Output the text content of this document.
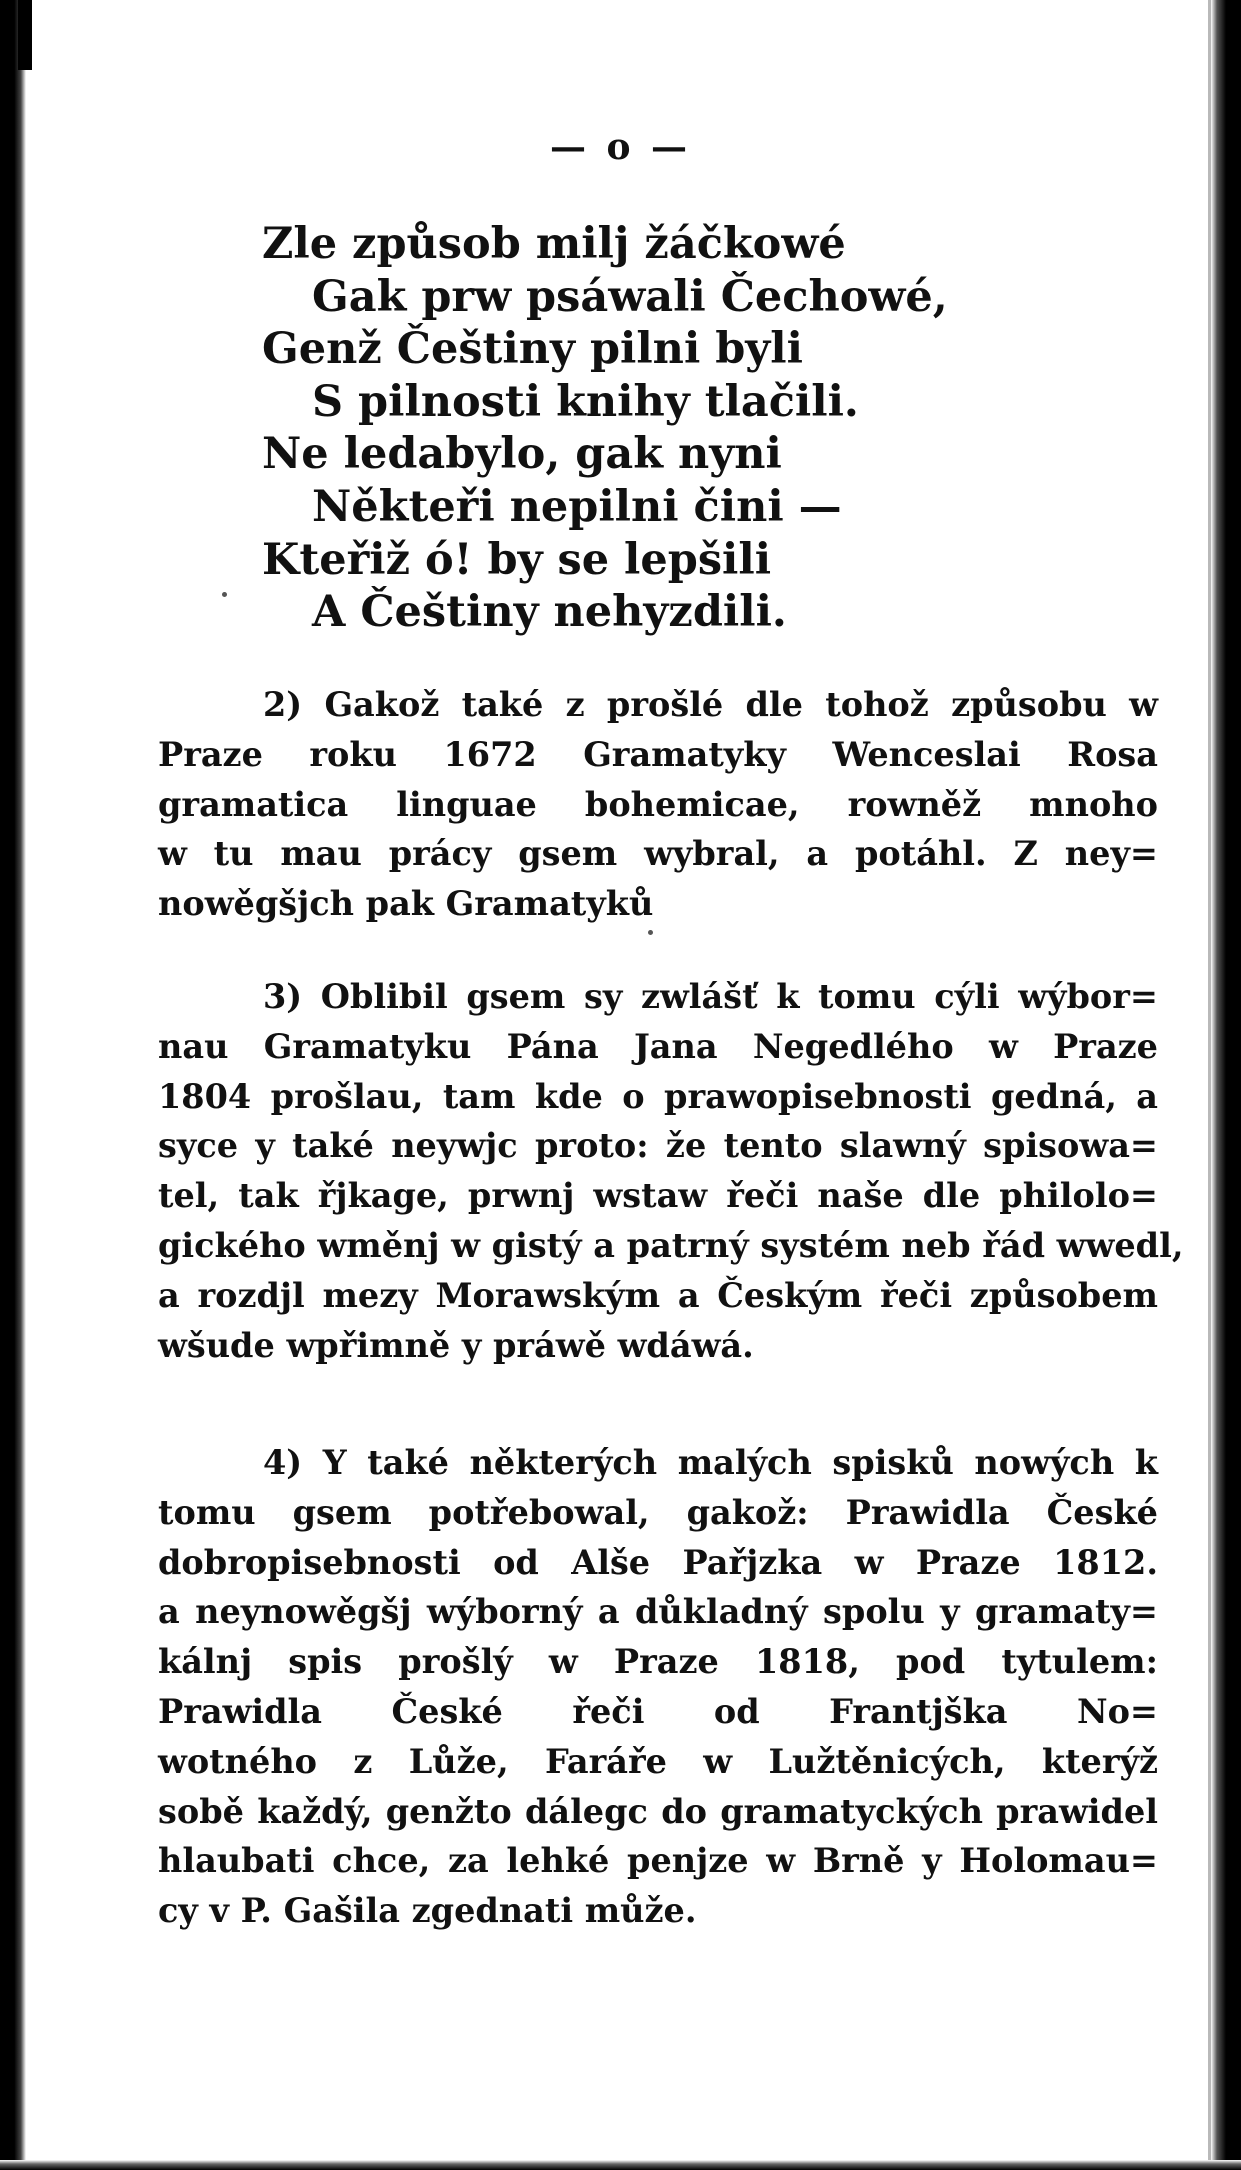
— o —
Zle způsob milj žáčkowé
Gak prw psáwali Čechowé,
Genž Češtiny pilni byli
S pilnosti knihy tlačili.
Ne ledabylo, gak nyni
Někteři nepilni čini —
Kteřiž ó! by se lepšili
A Češtiny nehyzdili.
2) Gakož také z prošlé dle tohož způsobu w
Praze roku 1672 Gramatyky Wenceslai Rosa
gramatica linguae bohemicae, rowněž mnoho
w tu mau prácy gsem wybral, a potáhl. Z ney=
nowěgšjch pak Gramatyků
3) Oblibil gsem sy zwlášť k tomu cýli wýbor=
nau Gramatyku Pána Jana Negedlého w Praze
1804 prošlau, tam kde o prawopisebnosti gedná, a
syce y také neywjc proto: že tento slawný spisowa=
tel, tak řjkage, prwnj wstaw řeči naše dle philolo=
gického wměnj w gistý a patrný systém neb řád wwedl,
a rozdjl mezy Morawským a Českým řeči způsobem
wšude wpřimně y práwě wdáwá.
4) Y také některých malých spisků nowých k
tomu gsem potřebowal, gakož: Prawidla České
dobropisebnosti od Alše Pařjzka w Praze 1812.
a neynowěgšj wýborný a důkladný spolu y gramaty=
kálnj spis prošlý w Praze 1818, pod tytulem:
Prawidla České řeči od Frantjška No=
wotného z Lůže, Faráře w Lužtěnicých, kterýž
sobě každý, genžto dálegc do gramatyckých prawidel
hlaubati chce, za lehké penjze w Brně y Holomau=
cy v P. Gašila zgednati může.
